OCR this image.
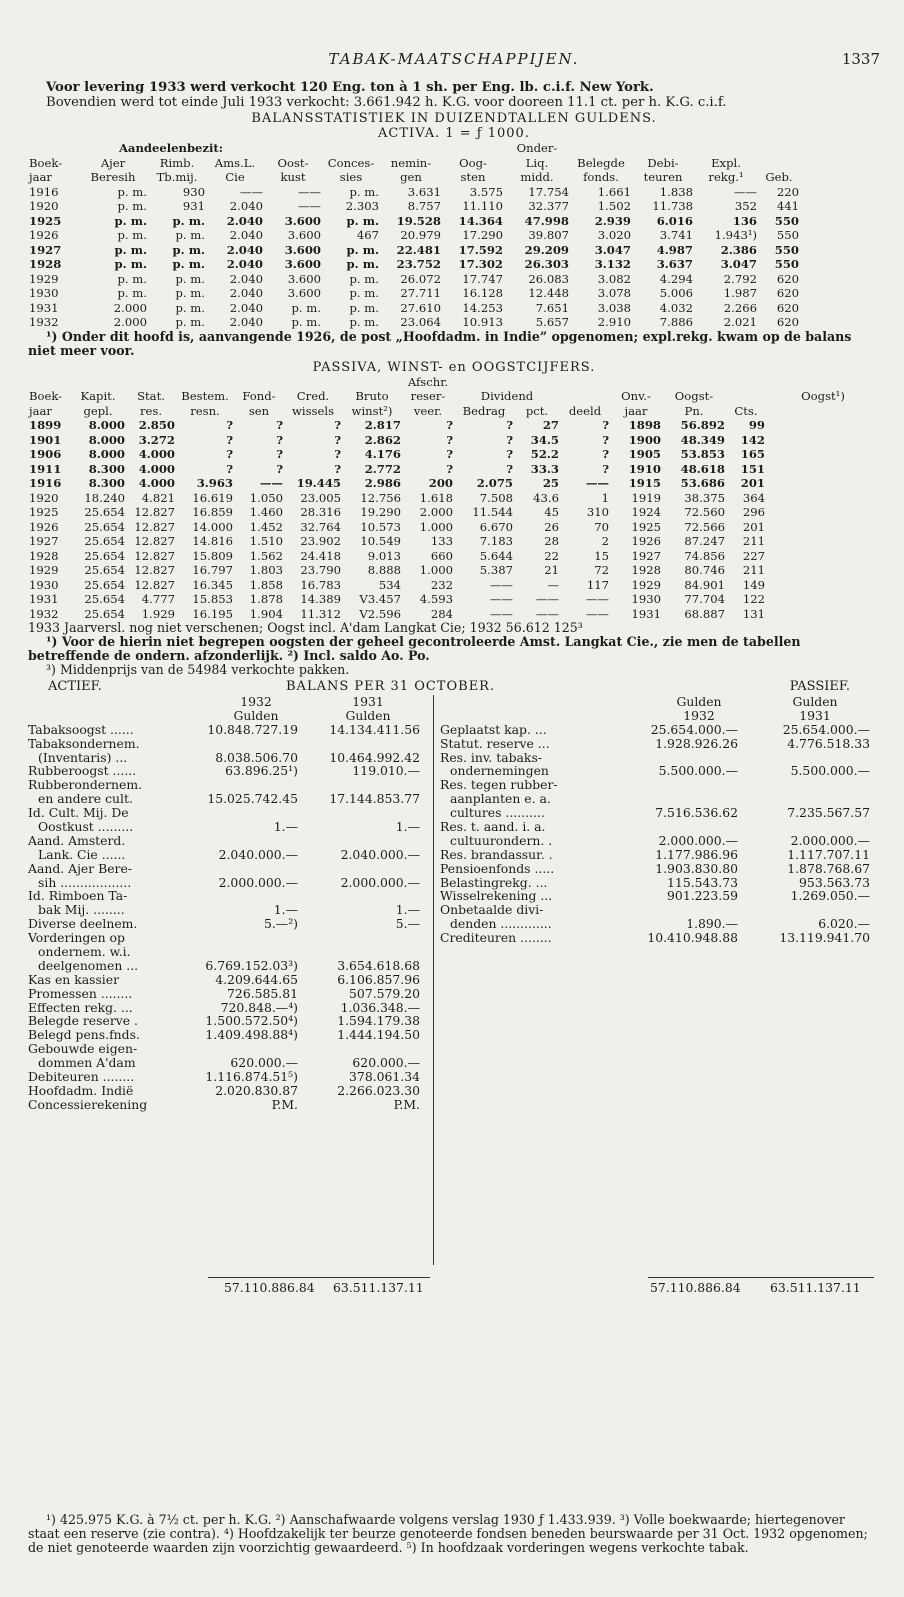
TABAK-MAATSCHAPPIJEN.	1337

Voor levering 1933 werd verkocht 120 Eng. ton à 1 sh. per Eng. lb. c.i.f. New York.

Bovendien werd tot einde Juli 1933 verkocht: 3.661.942 h. K.G. voor dooreen 11.1 ct. per h. K.G. c.i.f.

BALANSSTATISTIEK IN DUIZENDTALLEN GULDENS.
ACTIVA. 1 = ƒ 1000.
	Aandeelenbezit:							Onder-					
Boek-	Ajer	Rimb.	Ams.L.	Oost-	Conces-	nemin-	Oog-	Liq.	Belegde	Debi-	Expl.		
jaar	Beresih	Tb.mij.	Cie	kust	sies	gen	sten	midd.	fonds.	teuren	rekg.¹	Geb.	
1916	p. m.	930	——	——	p. m.	3.631	3.575	17.754	1.661	1.838	——	220	
1920	p. m.	931	2.040	——	2.303	8.757	11.110	32.377	1.502	11.738	352	441	
1925	p. m.	p. m.	2.040	3.600	p. m.	19.528	14.364	47.998	2.939	6.016	136	550	
1926	p. m.	p. m.	2.040	3.600	467	20.979	17.290	39.807	3.020	3.741	1.943¹)	550	
1927	p. m.	p. m.	2.040	3.600	p. m.	22.481	17.592	29.209	3.047	4.987	2.386	550	
1928	p. m.	p. m.	2.040	3.600	p. m.	23.752	17.302	26.303	3.132	3.637	3.047	550	
1929	p. m.	p. m.	2.040	3.600	p. m.	26.072	17.747	26.083	3.082	4.294	2.792	620	
1930	p. m.	p. m.	2.040	3.600	p. m.	27.711	16.128	12.448	3.078	5.006	1.987	620	
1931	2.000	p. m.	2.040	p. m.	p. m.	27.610	14.253	7.651	3.038	4.032	2.266	620	
1932	2.000	p. m.	2.040	p. m.	p. m.	23.064	10.913	5.657	2.910	7.886	2.021	620	

¹) Onder dit hoofd is, aanvangende 1926, de post „Hoofdadm. in Indie” opgenomen; expl.rekg. kwam op de balans niet meer voor.

PASSIVA, WINST- en OOGSTCIJFERS.
							Afschr.							
Boek-	Kapit.	Stat.	Bestem.	Fond-	Cred.	Bruto	reser-	Dividend			Onv.-	Oogst-		Oogst¹)
jaar	gepl.	res.	resn.	sen	wissels	winst²)	veer.	Bedrag	pct.	deeld	jaar	Pn.	Cts.	
1899	8.000	2.850	?	?	?	2.817	?	?	27	?	1898	56.892	99	
1901	8.000	3.272	?	?	?	2.862	?	?	34.5	?	1900	48.349	142	
1906	8.000	4.000	?	?	?	4.176	?	?	52.2	?	1905	53.853	165	
1911	8.300	4.000	?	?	?	2.772	?	?	33.3	?	1910	48.618	151	
1916	8.300	4.000	3.963	——	19.445	2.986	200	2.075	25	——	1915	53.686	201	
1920	18.240	4.821	16.619	1.050	23.005	12.756	1.618	7.508	43.6	1	1919	38.375	364	
1925	25.654	12.827	16.859	1.460	28.316	19.290	2.000	11.544	45	310	1924	72.560	296	
1926	25.654	12.827	14.000	1.452	32.764	10.573	1.000	6.670	26	70	1925	72.566	201	
1927	25.654	12.827	14.816	1.510	23.902	10.549	133	7.183	28	2	1926	87.247	211	
1928	25.654	12.827	15.809	1.562	24.418	9.013	660	5.644	22	15	1927	74.856	227	
1929	25.654	12.827	16.797	1.803	23.790	8.888	1.000	5.387	21	72	1928	80.746	211	
1930	25.654	12.827	16.345	1.858	16.783	534	232	——	—	117	1929	84.901	149	
1931	25.654	4.777	15.853	1.878	14.389	V3.457	4.593	——	——	——	1930	77.704	122	
1932	25.654	1.929	16.195	1.904	11.312	V2.596	284	——	——	——	1931	68.887	131	

1933 Jaarversl. nog niet verschenen; Oogst incl. A'dam Langkat Cie; 1932 56.612 125³

¹) Voor de hierin niet begrepen oogsten der geheel gecontroleerde Amst. Langkat Cie., zie men de tabellen betreffende de ondern. afzonderlijk. ²) Incl. saldo Ao. Po.

³) Middenprijs van de 54984 verkochte pakken.

ACTIEF.	BALANS PER 31 OCTOBER.	PASSIEF.
1932	1931
Gulden	Gulden
Tabaksoogst ......	10.848.727.19	14.134.411.56
Tabaksondernem.
(Inventaris) ...	8.038.506.70	10.464.992.42
Rubberoogst ......	63.896.25¹)	119.010.—
Rubberondernem.
en andere cult.	15.025.742.45	17.144.853.77
Id. Cult. Mij. De
Oostkust .........	1.—	1.—
Aand. Amsterd.
Lank. Cie ......	2.040.000.—	2.040.000.—
Aand. Ajer Bere-
sih ..................	2.000.000.—	2.000.000.—
Id. Rimboen Ta-
bak Mij. ........	1.—	1.—
Diverse deelnem.	5.—²)	5.—
Vorderingen op
ondernem. w.i.
deelgenomen ...	6.769.152.03³)	3.654.618.68
Kas en kassier	4.209.644.65	6.106.857.96
Promessen ........	726.585.81	507.579.20
Effecten rekg. ...	720.848.—⁴)	1.036.348.—
Belegde reserve .	1.500.572.50⁴)	1.594.179.38
Belegd pens.fnds.	1.409.498.88⁴)	1.444.194.50
Gebouwde eigen-
dommen A'dam	620.000.—	620.000.—
Debiteuren ........	1.116.874.51⁵)	378.061.34
Hoofdadm. Indië	2.020.830.87	2.266.023.30
Concessierekening	P.M.	P.M.
Gulden	Gulden
1932	1931
Geplaatst kap. ...	25.654.000.—	25.654.000.—
Statut. reserve ...	1.928.926.26	4.776.518.33
Res. inv. tabaks-
ondernemingen	5.500.000.—	5.500.000.—
Res. tegen rubber-
aanplanten e. a.
cultures ..........	7.516.536.62	7.235.567.57
Res. t. aand. i. a.
cultuurondern. .	2.000.000.—	2.000.000.—
Res. brandassur. .	1.177.986.96	1.117.707.11
Pensioenfonds .....	1.903.830.80	1.878.768.67
Belastingrekg. ...	115.543.73	953.563.73
Wisselrekening ...	901.223.59	1.269.050.—
Onbetaalde divi-
denden .............	1.890.—	6.020.—
Crediteuren ........	10.410.948.88	13.119.941.70
57.110.886.84 63.511.137.11	57.110.886.84 63.511.137.11

¹) 425.975 K.G. à 7½ ct. per h. K.G. ²) Aanschafwaarde volgens verslag 1930 ƒ 1.433.939. ³) Volle boekwaarde; hiertegenover staat een reserve (zie contra). ⁴) Hoofdzakelijk ter beurze genoteerde fondsen beneden beurswaarde per 31 Oct. 1932 opgenomen; de niet genoteerde waarden zijn voorzichtig gewaardeerd. ⁵) In hoofdzaak vorderingen wegens verkochte tabak.
